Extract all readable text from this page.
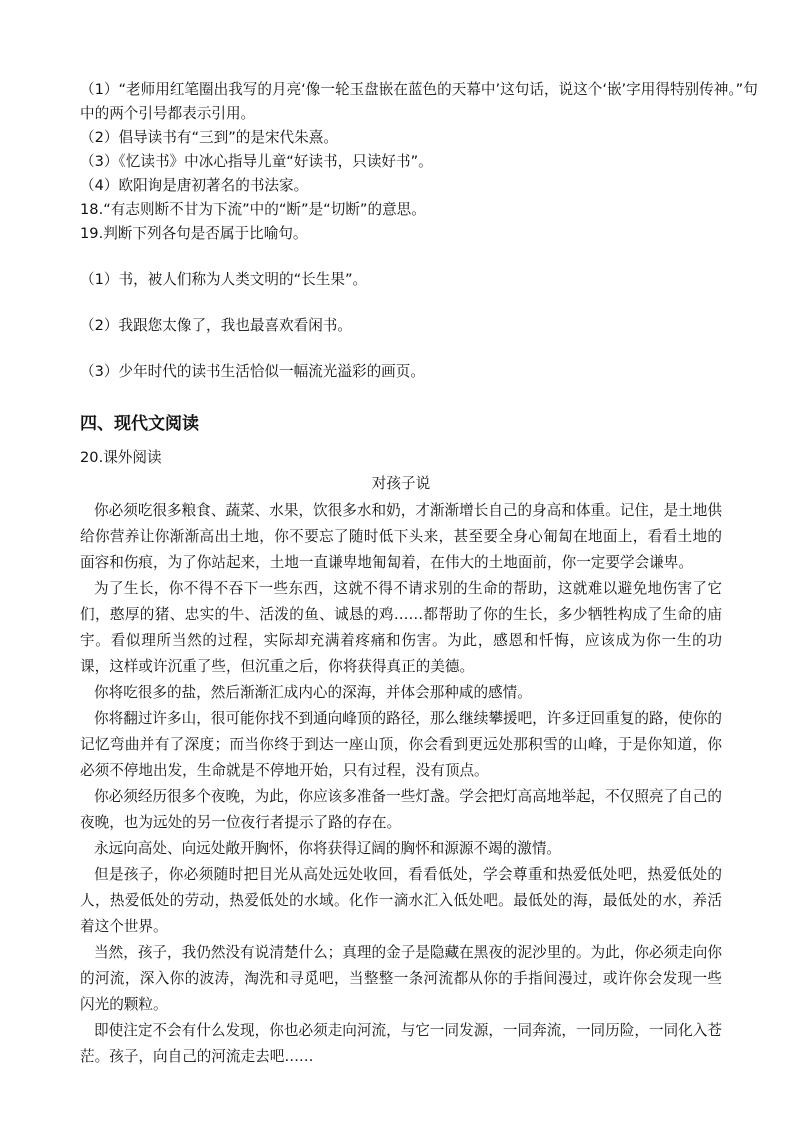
（1）“老师用红笔圈出我写的月亮‘像一轮玉盘嵌在蓝色的天幕中’这句话，说这个‘嵌’字用得特别传神。”句

中的两个引号都表示引用。

（2）倡导读书有“三到”的是宋代朱熹。

（3）《忆读书》中冰心指导儿童“好读书，只读好书”。

（4）欧阳询是唐初著名的书法家。

18.“有志则断不甘为下流”中的“断”是“切断”的意思。

19.判断下列各句是否属于比喻句。

（1）书，被人们称为人类文明的“长生果”。

（2）我跟您太像了，我也最喜欢看闲书。

（3）少年时代的读书生活恰似一幅流光溢彩的画页。

四、现代文阅读

20.课外阅读

对孩子说

你必须吃很多粮食、蔬菜、水果，饮很多水和奶，才渐渐增长自己的身高和体重。记住，是土地供给你营养让你渐渐高出土地，你不要忘了随时低下头来，甚至要全身心匍匐在地面上，看看土地的面容和伤痕，为了你站起来，土地一直谦卑地匍匐着，在伟大的土地面前，你一定要学会谦卑。

为了生长，你不得不吞下一些东西，这就不得不请求别的生命的帮助，这就难以避免地伤害了它们，憨厚的猪、忠实的牛、活泼的鱼、诚恳的鸡……都帮助了你的生长，多少牺牲构成了生命的庙宇。看似理所当然的过程，实际却充满着疼痛和伤害。为此，感恩和忏悔，应该成为你一生的功课，这样或许沉重了些，但沉重之后，你将获得真正的美德。

你将吃很多的盐，然后渐渐汇成内心的深海，并体会那种咸的感情。

你将翻过许多山，很可能你找不到通向峰顶的路径，那么继续攀援吧，许多迂回重复的路，使你的记忆弯曲并有了深度；而当你终于到达一座山顶，你会看到更远处那积雪的山峰，于是你知道，你必须不停地出发，生命就是不停地开始，只有过程，没有顶点。

你必须经历很多个夜晚，为此，你应该多准备一些灯盏。学会把灯高高地举起，不仅照亮了自己的夜晚，也为远处的另一位夜行者提示了路的存在。

永远向高处、向远处敞开胸怀，你将获得辽阔的胸怀和源源不竭的激情。

但是孩子，你必须随时把目光从高处远处收回，看看低处，学会尊重和热爱低处吧，热爱低处的人，热爱低处的劳动，热爱低处的水域。化作一滴水汇入低处吧。最低处的海，最低处的水，养活着这个世界。

当然，孩子，我仍然没有说清楚什么；真理的金子是隐藏在黑夜的泥沙里的。为此，你必须走向你的河流，深入你的波涛，淘洗和寻觅吧，当整整一条河流都从你的手指间漫过，或许你会发现一些闪光的颗粒。

即使注定不会有什么发现，你也必须走向河流，与它一同发源，一同奔流，一同历险，一同化入苍茫。孩子，向自己的河流走去吧……
